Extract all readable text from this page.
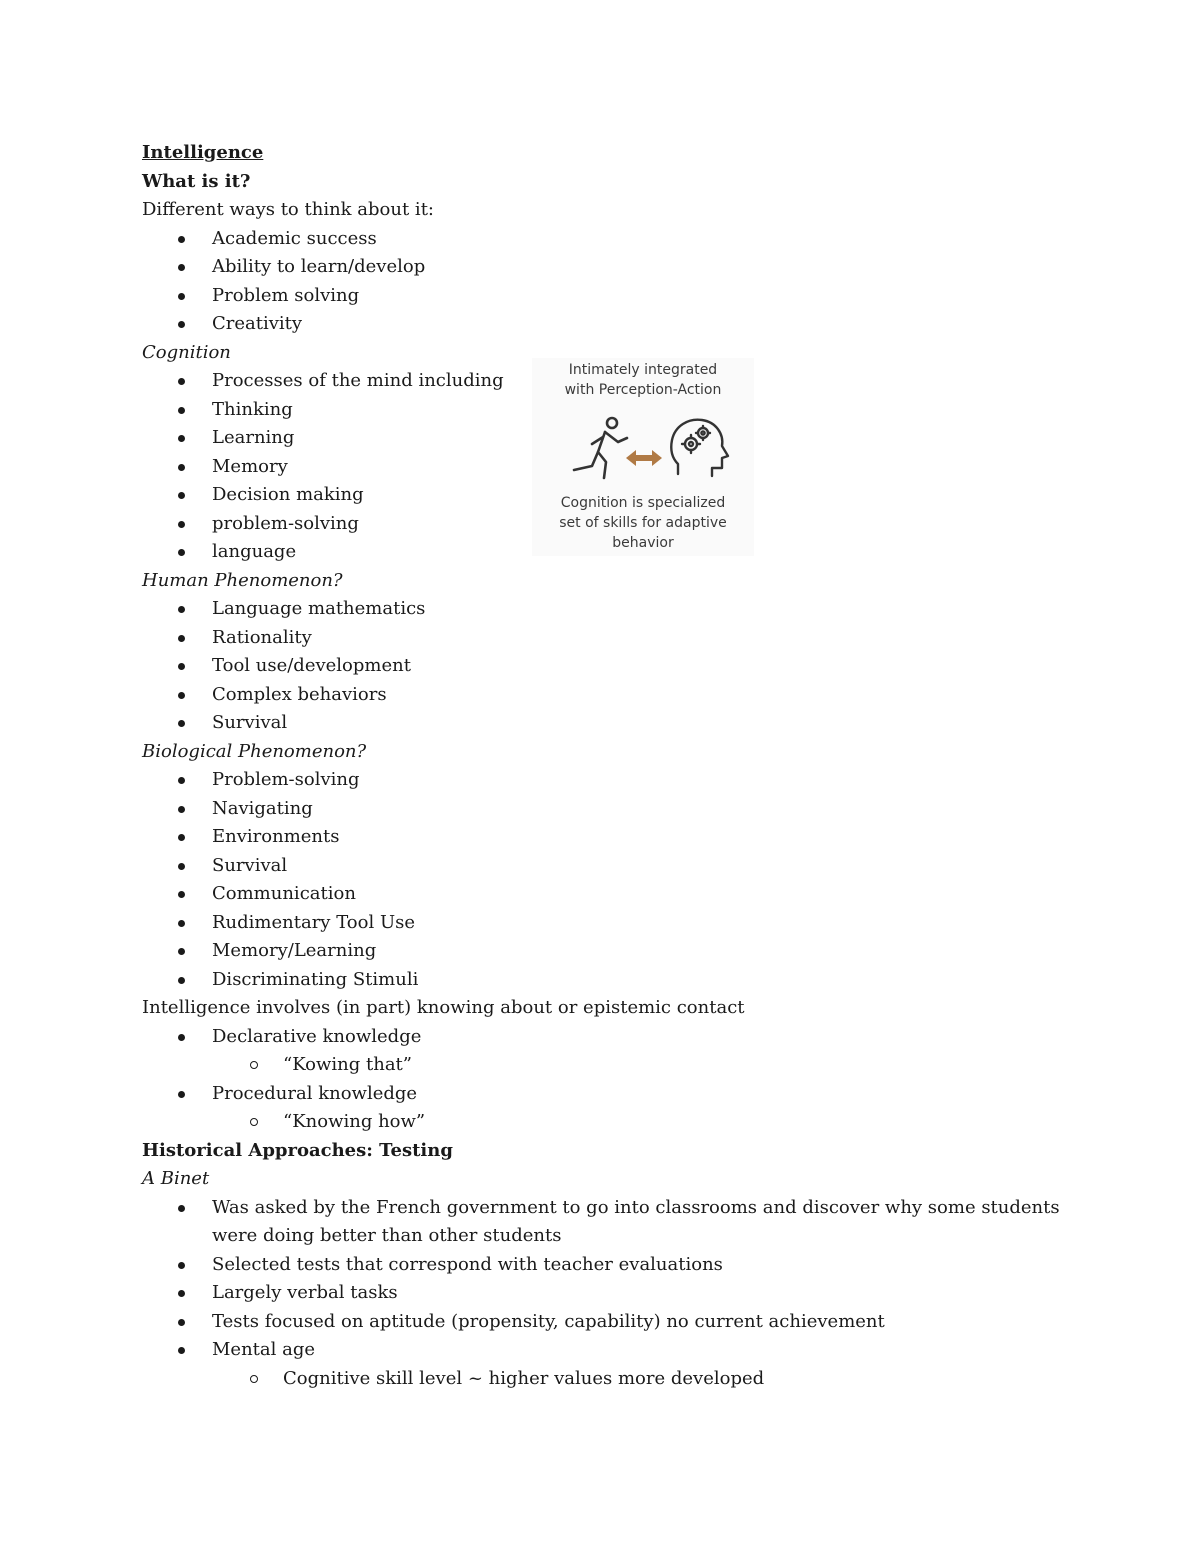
Intelligence
What is it?
Different ways to think about it:
Academic success
Ability to learn/develop
Problem solving
Creativity
Cognition
Processes of the mind including
Thinking
Learning
Memory
Decision making
problem-solving
language
Human Phenomenon?
Language mathematics
Rationality
Tool use/development
Complex behaviors
Survival
Biological Phenomenon?
Problem-solving
Navigating
Environments
Survival
Communication
Rudimentary Tool Use
Memory/Learning
Discriminating Stimuli
Intelligence involves (in part) knowing about or epistemic contact
Declarative knowledge
“Kowing that”
Procedural knowledge
“Knowing how”
Historical Approaches: Testing
A Binet
Was asked by the French government to go into classrooms and discover why some students were doing better than other students
Selected tests that correspond with teacher evaluations
Largely verbal tasks
Tests focused on aptitude (propensity, capability) no current achievement
Mental age
Cognitive skill level ~ higher values more developed
Intimately integrated
with Perception-Action
Cognition is specialized
set of skills for adaptive
behavior
